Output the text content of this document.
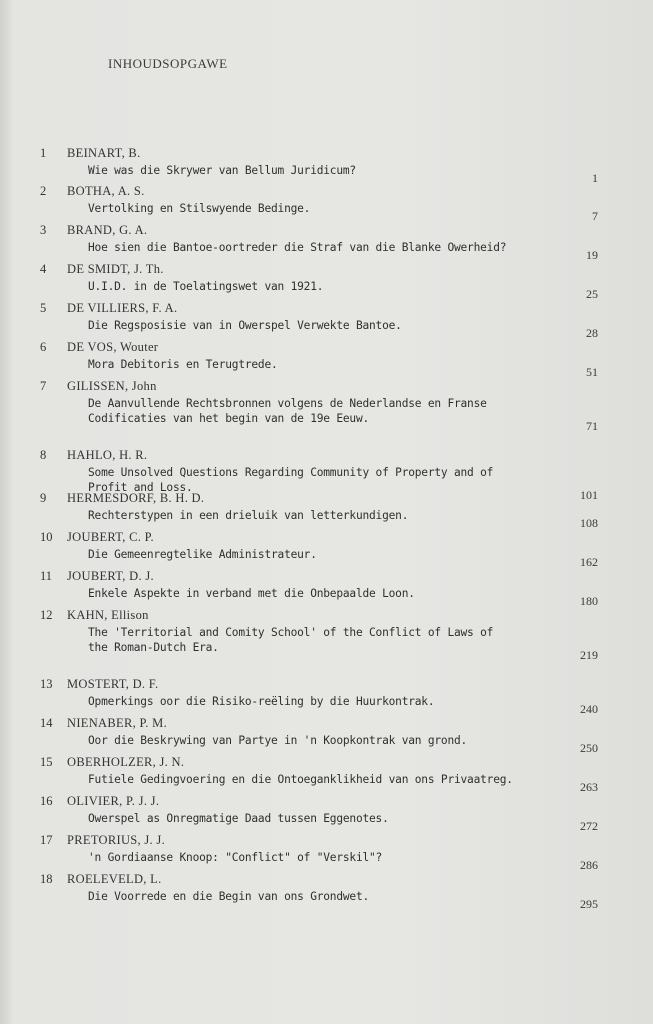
INHOUDSOPGAWE
1 BEINART, B.
Wie was die Skrywer van Bellum Juridicum?
1
2 BOTHA, A. S.
Vertolking en Stilswyende Bedinge.
7
3 BRAND, G. A.
Hoe sien die Bantoe-oortreder die Straf van die Blanke Owerheid?
19
4 DE SMIDT, J. Th.
U.I.D. in de Toelatingswet van 1921.
25
5 DE VILLIERS, F. A.
Die Regsposisie van in Owerspel Verwekte Bantoe.
28
6 DE VOS, Wouter
Mora Debitoris en Terugtrede.
51
7 GILISSEN, John
De Aanvullende Rechtsbronnen volgens de Nederlandse en Franse Codificaties van het begin van de 19e Eeuw.
71
8 HAHLO, H. R.
Some Unsolved Questions Regarding Community of Property and of Profit and Loss.
101
9 HERMESDORF, B. H. D.
Rechterstypen in een drieluik van letterkundigen.
108
10 JOUBERT, C. P.
Die Gemeenregtelike Administrateur.
162
11 JOUBERT, D. J.
Enkele Aspekte in verband met die Onbepaalde Loon.
180
12 KAHN, Ellison
The 'Territorial and Comity School' of the Conflict of Laws of the Roman-Dutch Era.
219
13 MOSTERT, D. F.
Opmerkings oor die Risiko-reëling by die Huurkontrak.
240
14 NIENABER, P. M.
Oor die Beskrywing van Partye in 'n Koopkontrak van grond.
250
15 OBERHOLZER, J. N.
Futiele Gedingvoering en die Ontoeganklikheid van ons Privaatreg.
263
16 OLIVIER, P. J. J.
Owerspel as Onregmatige Daad tussen Eggenotes.
272
17 PRETORIUS, J. J.
'n Gordiaanse Knoop: "Conflict" of "Verskil"?
286
18 ROELEVELD, L.
Die Voorrede en die Begin van ons Grondwet.
295
